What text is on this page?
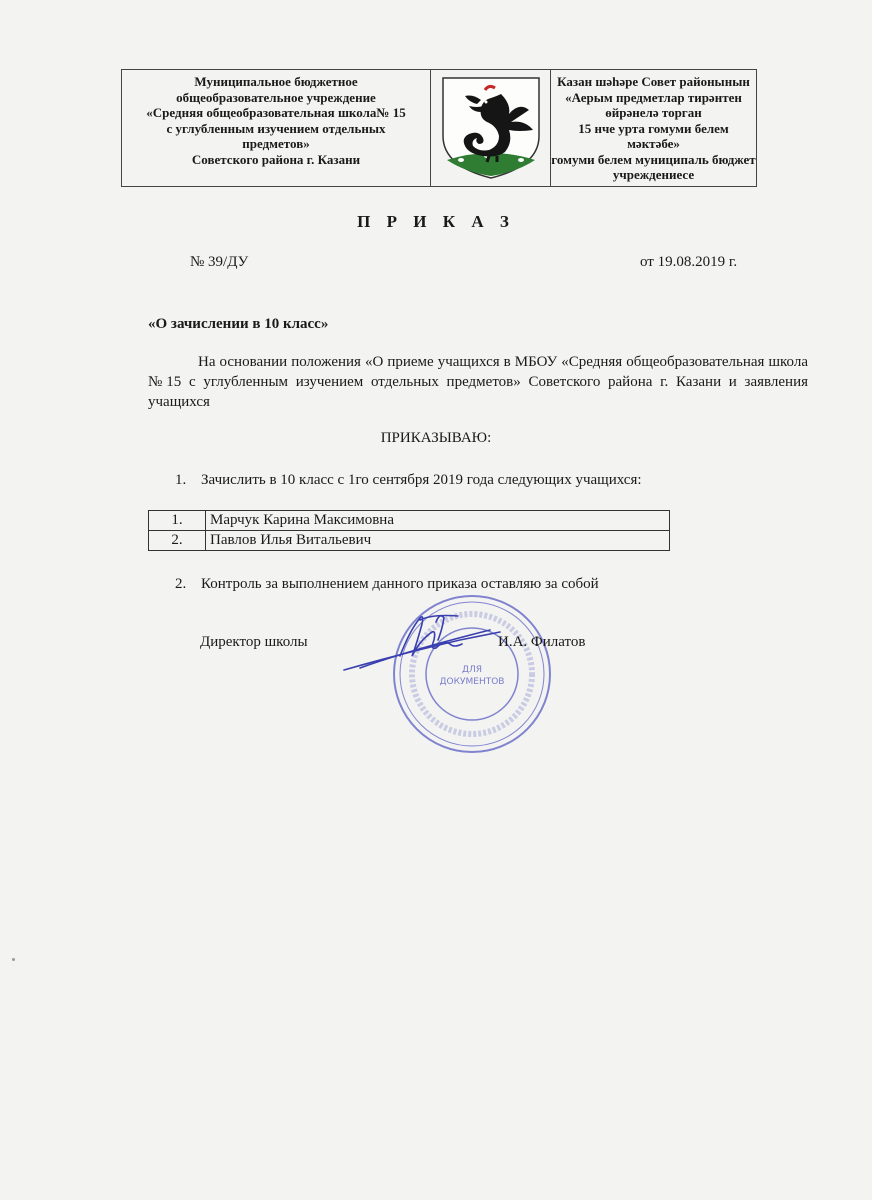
Муниципальное бюджетное
общеобразовательное учреждение
«Средняя общеобразовательная школа№ 15
с углубленным изучением отдельных
предметов»
Советского района г. Казани
Казан шәһәре Совет районынын
«Аерым предметлар тирәнтен
өйрәнелә торган
15 нче урта гомуми белем мәктәбе»
гомуми белем муниципаль бюджет
учреждениесе
П Р И К А З
№ 39/ДУ	от 19.08.2019 г.
«О зачислении в 10 класс»
На основании положения «О приеме учащихся в МБОУ «Средняя общеобразовательная школа №15 с углубленным изучением отдельных предметов» Советского района г. Казани и заявления учащихся
ПРИКАЗЫВАЮ:
1. Зачислить в 10 класс с 1го сентября 2019 года следующих учащихся:
1.	Марчук Карина Максимовна
2.	Павлов Илья Витальевич
2. Контроль за выполнением данного приказа оставляю за собой
ДЛЯ
ДОКУМЕНТОВ
Директор школы	И.А. Филатов
